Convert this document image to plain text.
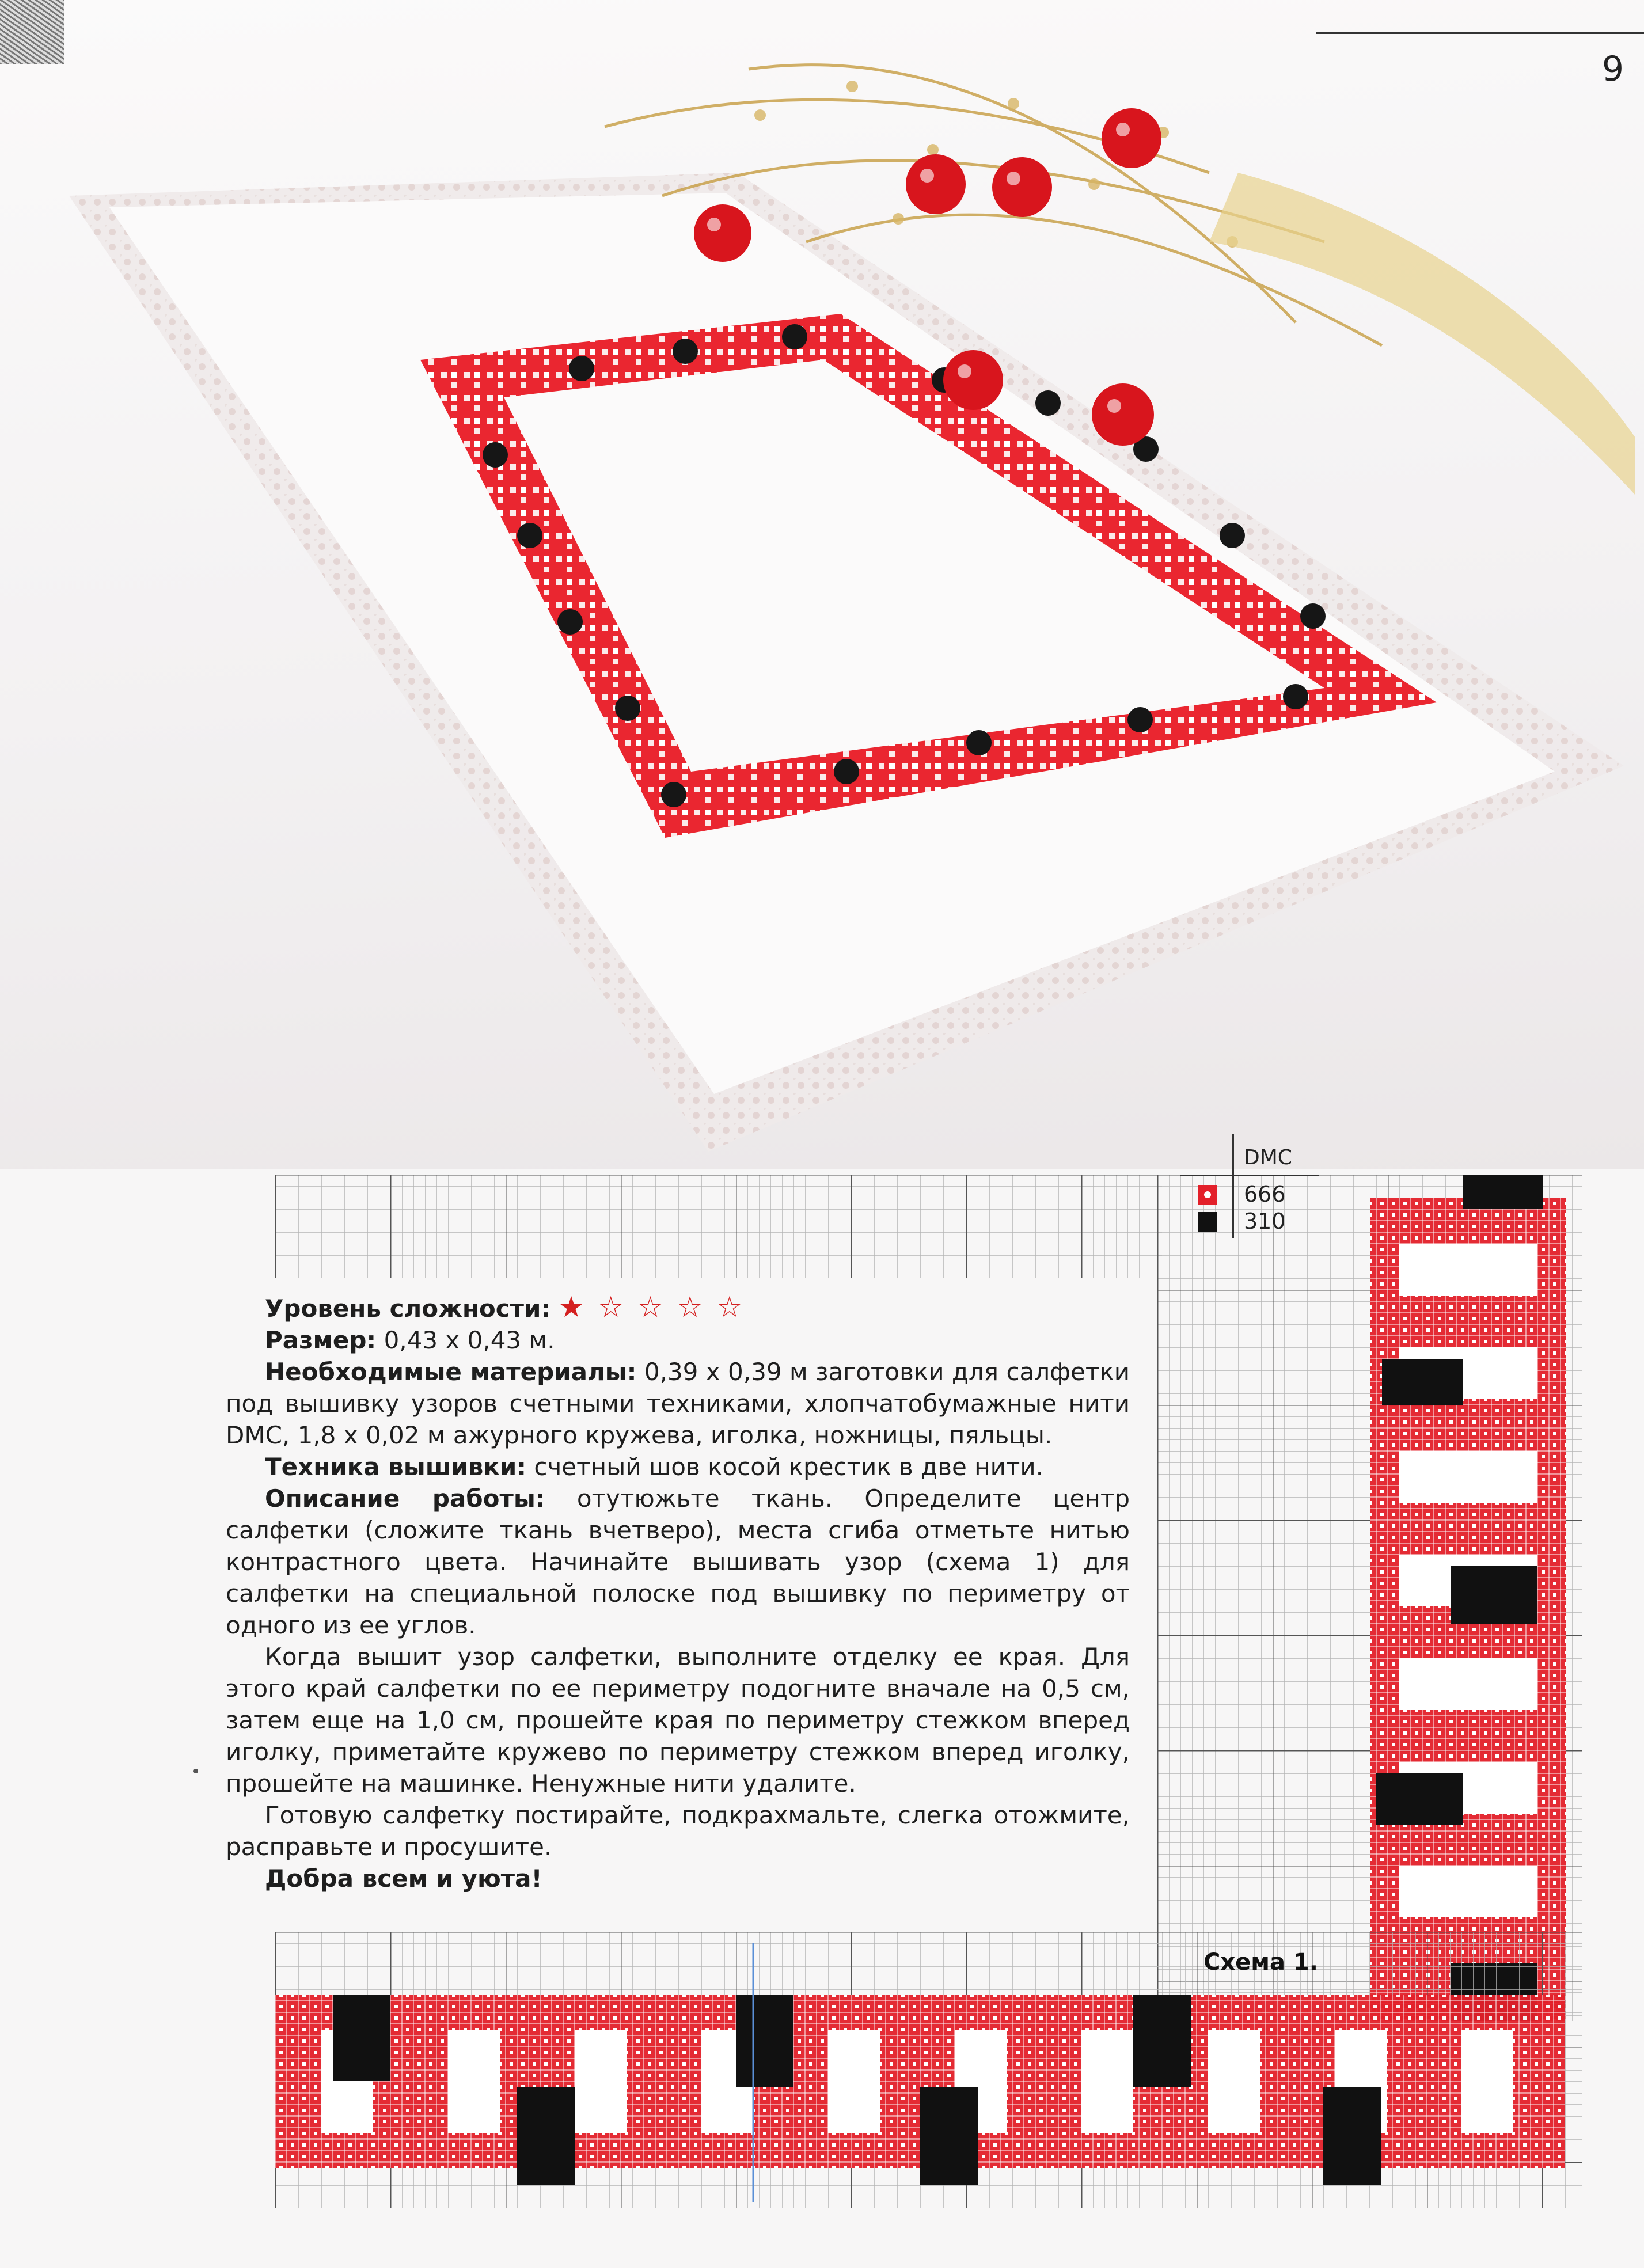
9
DMC
666
310

Уровень сложности: ★ ☆ ☆ ☆ ☆

Размер: 0,43 х 0,43 м.

Необходимые материалы: 0,39 х 0,39 м заготовки для салфетки под вышивку узоров счетными техниками, хлопчатобумажные нити DMC, 1,8 х 0,02 м ажурного кружева, иголка, ножницы, пяльцы.

Техника вышивки: счетный шов косой крестик в две нити.

Описание работы: отутюжьте ткань. Определите центр салфетки (сложите ткань вчетверо), места сгиба отметьте нитью контрастного цвета. Начинайте вышивать узор (схема 1) для салфетки на специальной полоске под вышивку по периметру от одного из ее углов.

Когда вышит узор салфетки, выполните отделку ее края. Для этого край салфетки по ее периметру подогните вначале на 0,5 см, затем еще на 1,0 см, прошейте края по периметру стежком вперед иголку, приметайте кружево по периметру стежком вперед иголку, прошейте на машинке. Ненужные нити удалите.

Готовую салфетку постирайте, подкрахмальте, слегка отожмите, расправьте и просушите.

Добра всем и уюта!

Схема 1.
